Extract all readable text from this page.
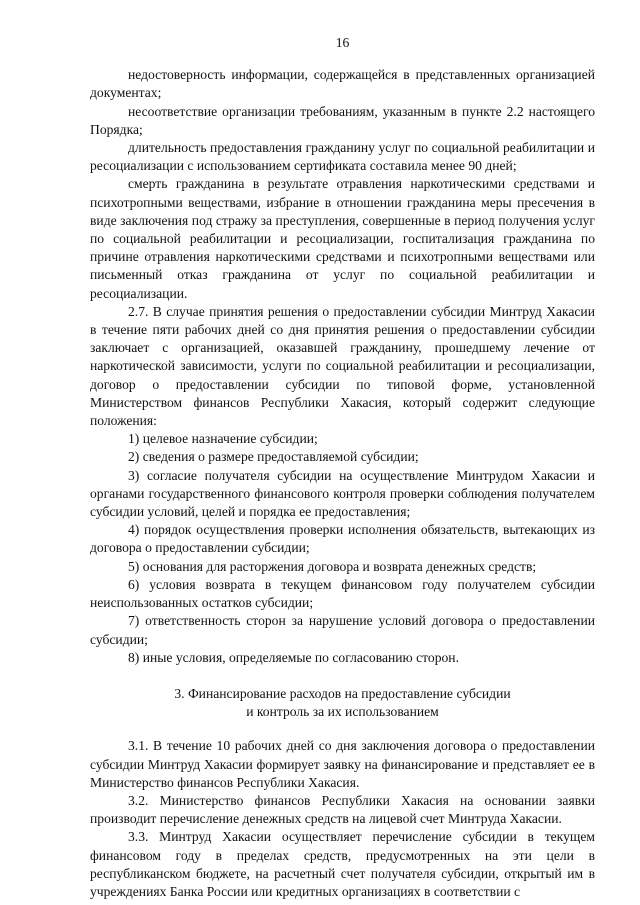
16

недостоверность информации, содержащейся в представленных организацией документах;

несоответствие организации требованиям, указанным в пункте 2.2 настоящего Порядка;

длительность предоставления гражданину услуг по социальной реабилитации и ресоциализации с использованием сертификата составила менее 90 дней;

смерть гражданина в результате отравления наркотическими средствами и психотропными веществами, избрание в отношении гражданина меры пресечения в виде заключения под стражу за преступления, совершенные в период получения услуг по социальной реабилитации и ресоциализации, госпитализация гражданина по причине отравления наркотическими средствами и психотропными веществами или письменный отказ гражданина от услуг по социальной реабилитации и ресоциализации.

2.7. В случае принятия решения о предоставлении субсидии Минтруд Хакасии в течение пяти рабочих дней со дня принятия решения о предоставлении субсидии заключает с организацией, оказавшей гражданину, прошедшему лечение от наркотической зависимости, услуги по социальной реабилитации и ресоциализации, договор о предоставлении субсидии по типовой форме, установленной Министерством финансов Республики Хакасия, который содержит следующие положения:

1) целевое назначение субсидии;

2) сведения о размере предоставляемой субсидии;

3) согласие получателя субсидии на осуществление Минтрудом Хакасии и органами государственного финансового контроля проверки соблюдения получателем субсидии условий, целей и порядка ее предоставления;

4) порядок осуществления проверки исполнения обязательств, вытекающих из договора о предоставлении субсидии;

5) основания для расторжения договора и возврата денежных средств;

6) условия возврата в текущем финансовом году получателем субсидии неиспользованных остатков субсидии;

7) ответственность сторон за нарушение условий договора о предоставлении субсидии;

8) иные условия, определяемые по согласованию сторон.

3. Финансирование расходов на предоставление субсидии
и контроль за их использованием

3.1. В течение 10 рабочих дней со дня заключения договора о предоставлении субсидии Минтруд Хакасии формирует заявку на финансирование и представляет ее в Министерство финансов Республики Хакасия.

3.2. Министерство финансов Республики Хакасия на основании заявки производит перечисление денежных средств на лицевой счет Минтруда Хакасии.

3.3. Минтруд Хакасии осуществляет перечисление субсидии в текущем финансовом году в пределах средств, предусмотренных на эти цели в республиканском бюджете, на расчетный счет получателя субсидии, открытый им в учреждениях Банка России или кредитных организациях в соответствии с
